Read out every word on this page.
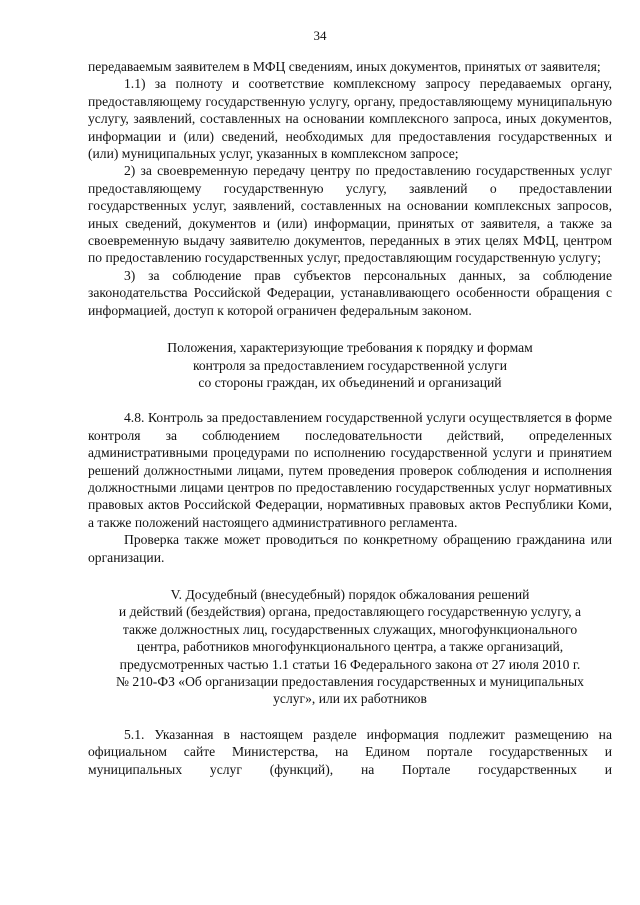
34

передаваемым заявителем в МФЦ сведениям, иных документов, принятых от заявителя;

1.1) за полноту и соответствие комплексному запросу передаваемых органу, предоставляющему государственную услугу, органу, предоставляющему муниципальную услугу, заявлений, составленных на основании комплексного запроса, иных документов, информации и (или) сведений, необходимых для предоставления государственных и (или) муниципальных услуг, указанных в комплексном запросе;

2) за своевременную передачу центру по предоставлению государственных услуг предоставляющему государственную услугу, заявлений о предоставлении государственных услуг, заявлений, составленных на основании комплексных запросов, иных сведений, документов и (или) информации, принятых от заявителя, а также за своевременную выдачу заявителю документов, переданных в этих целях МФЦ, центром по предоставлению государственных услуг, предоставляющим государственную услугу;

3) за соблюдение прав субъектов персональных данных, за соблюдение законодательства Российской Федерации, устанавливающего особенности обращения с информацией, доступ к которой ограничен федеральным законом.

Положения, характеризующие требования к порядку и формам

контроля за предоставлением государственной услуги

со стороны граждан, их объединений и организаций

4.8. Контроль за предоставлением государственной услуги осуществляется в форме контроля за соблюдением последовательности действий, определенных административными процедурами по исполнению государственной услуги и принятием решений должностными лицами, путем проведения проверок соблюдения и исполнения должностными лицами центров по предоставлению государственных услуг нормативных правовых актов Российской Федерации, нормативных правовых актов Республики Коми, а также положений настоящего административного регламента.

Проверка также может проводиться по конкретному обращению гражданина или организации.

V. Досудебный (внесудебный) порядок обжалования решений

и действий (бездействия) органа, предоставляющего государственную услугу, а

также должностных лиц, государственных служащих, многофункционального

центра, работников многофункционального центра, а также организаций,

предусмотренных частью 1.1 статьи 16 Федерального закона от 27 июля 2010 г.

№ 210-ФЗ «Об организации предоставления государственных и муниципальных

услуг», или их работников

5.1. Указанная в настоящем разделе информация подлежит размещению на официальном сайте Министерства, на Едином портале государственных и муниципальных услуг (функций), на Портале государственных и
